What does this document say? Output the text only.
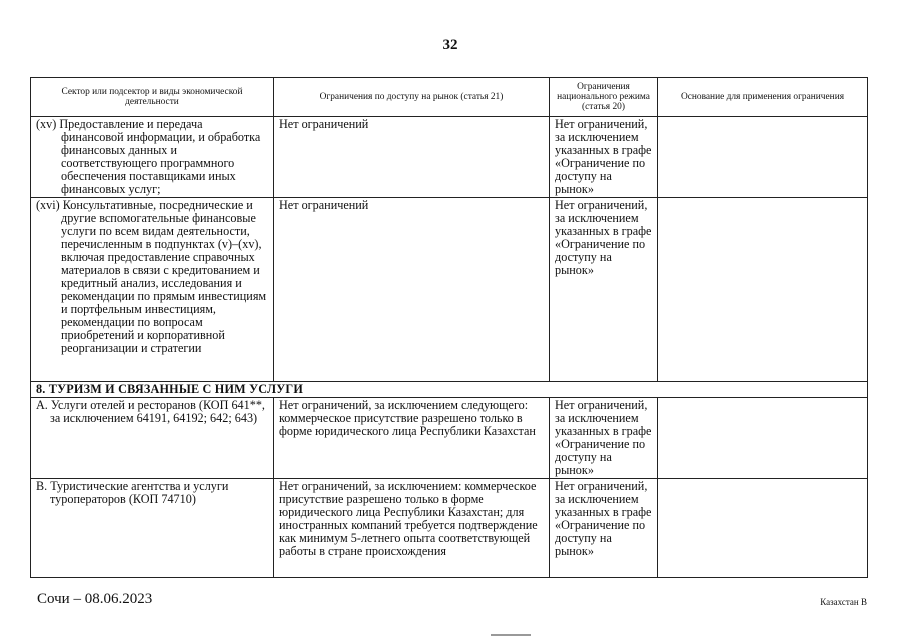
32
Сектор или подсектор и виды экономической деятельности	Ограничения по доступу на рынок (статья 21)	Ограничения национального режима (статья 20)	Основание для применения ограничения
(xv) Предоставление и передача финансовой информации, и обработка финансовых данных и соответствующего программного обеспечения поставщиками иных финансовых услуг;	Нет ограничений	Нет ограничений, за исключением указанных в графе «Ограничение по доступу на рынок»	
(xvi) Консультативные, посреднические и другие вспомогательные финансовые услуги по всем видам деятельности, перечисленным в подпунктах (v)–(xv), включая предоставление справочных материалов в связи с кредитованием и кредитный анализ, исследования и рекомендации по прямым инвестициям и портфельным инвестициям, рекомендации по вопросам приобретений и корпоративной реорганизации и стратегии	Нет ограничений	Нет ограничений, за исключением указанных в графе «Ограничение по доступу на рынок»	
8. ТУРИЗМ И СВЯЗАННЫЕ С НИМ УСЛУГИ			
А. Услуги отелей и ресторанов (КОП 641**, за исключением 64191, 64192; 642; 643)	Нет ограничений, за исключением следующего: коммерческое присутствие разрешено только в форме юридического лица Республики Казахстан	Нет ограничений, за исключением указанных в графе «Ограничение по доступу на рынок»	
В. Туристические агентства и услуги туроператоров (КОП 74710)	Нет ограничений, за исключением: коммерческое присутствие разрешено только в форме юридического лица Республики Казахстан; для иностранных компаний требуется подтверждение как минимум 5-летнего опыта соответствующей работы в стране происхождения	Нет ограничений, за исключением указанных в графе «Ограничение по доступу на рынок»	
Сочи – 08.06.2023	Казахстан В
